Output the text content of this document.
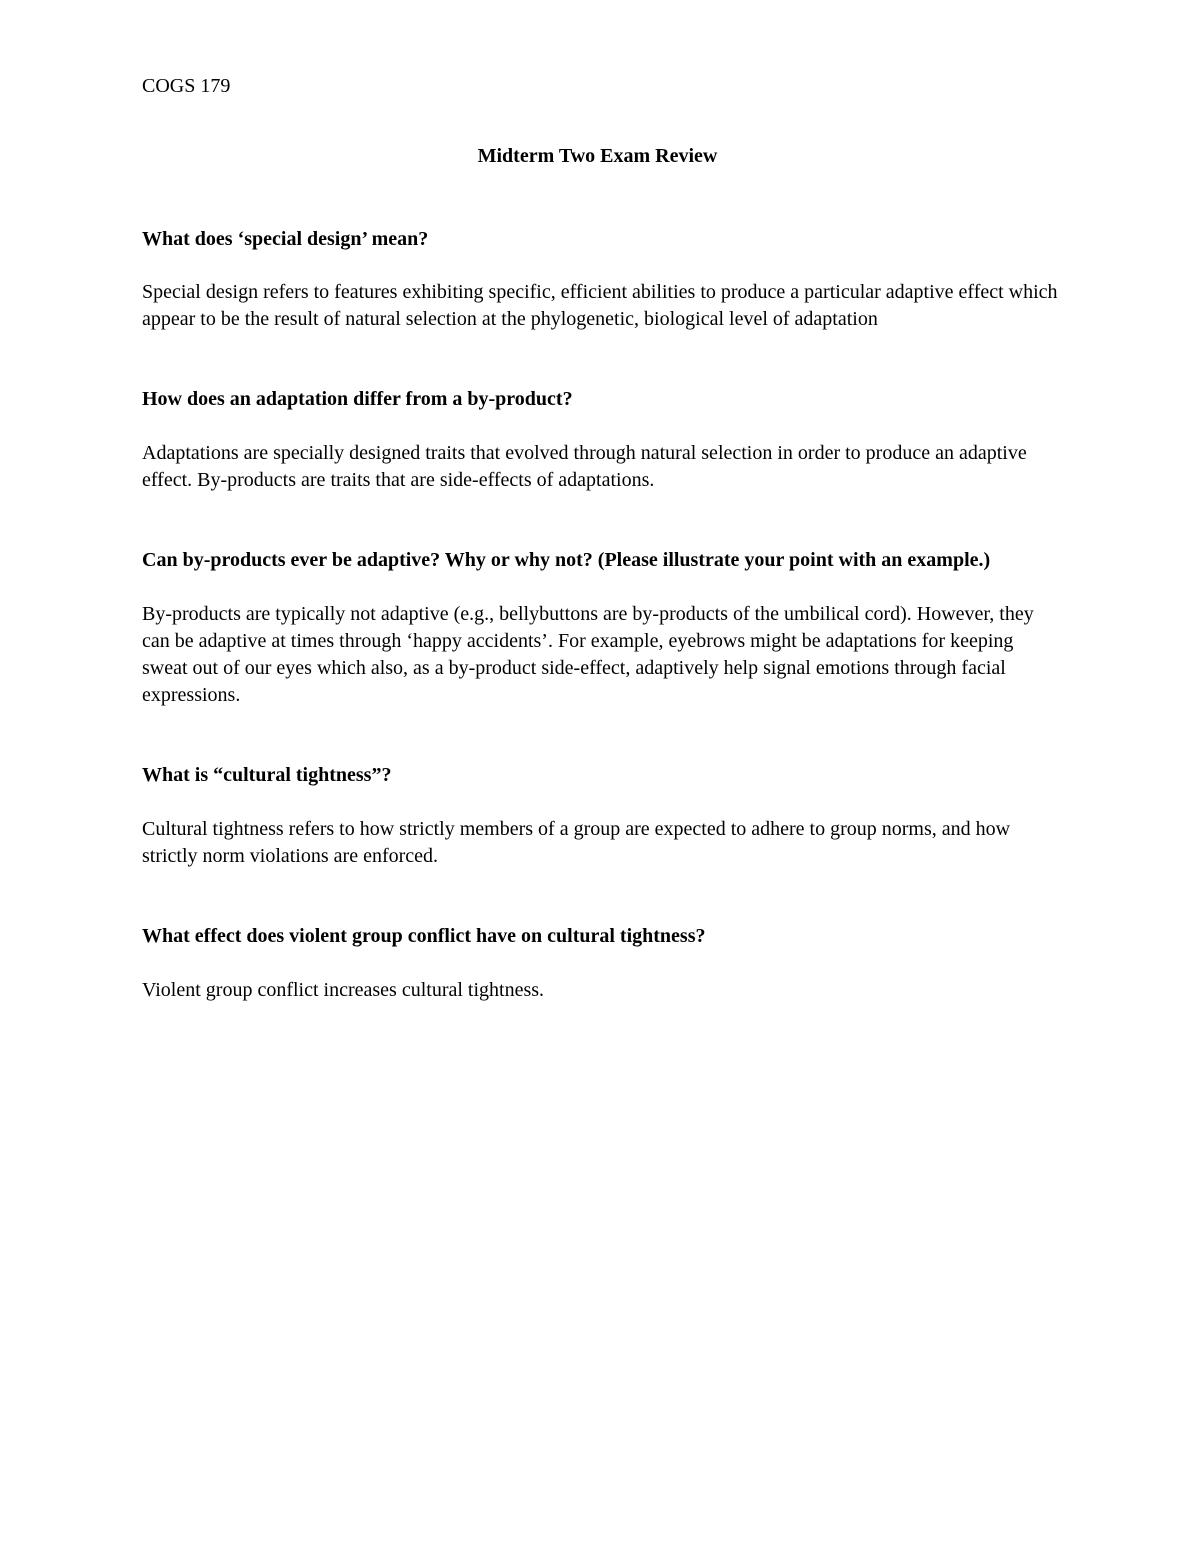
COGS 179

Midterm Two Exam Review

What does ‘special design’ mean?

Special design refers to features exhibiting specific, efficient abilities to produce a particular adaptive effect which appear to be the result of natural selection at the phylogenetic, biological level of adaptation

How does an adaptation differ from a by-product?

Adaptations are specially designed traits that evolved through natural selection in order to produce an adaptive effect. By-products are traits that are side-effects of adaptations.

Can by-products ever be adaptive? Why or why not? (Please illustrate your point with an example.)

By-products are typically not adaptive (e.g., bellybuttons are by-products of the umbilical cord). However, they can be adaptive at times through ‘happy accidents’. For example, eyebrows might be adaptations for keeping sweat out of our eyes which also, as a by-product side-effect, adaptively help signal emotions through facial expressions.

What is “cultural tightness”?

Cultural tightness refers to how strictly members of a group are expected to adhere to group norms, and how strictly norm violations are enforced.

What effect does violent group conflict have on cultural tightness?

Violent group conflict increases cultural tightness.
